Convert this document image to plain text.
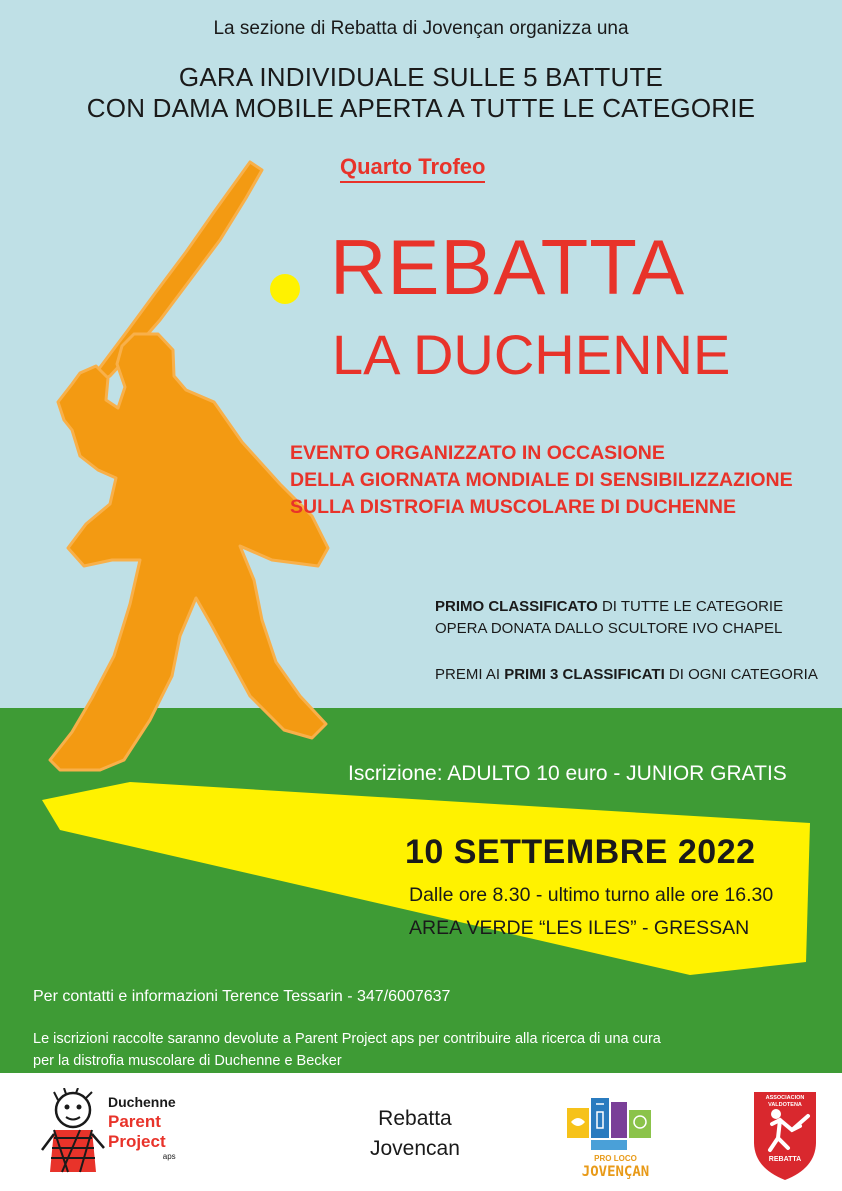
La sezione di Rebatta di Jovençan organizza una
GARA INDIVIDUALE SULLE 5 BATTUTE
CON DAMA MOBILE APERTA A TUTTE LE CATEGORIE
Quarto Trofeo
REBATTA
LA DUCHENNE
EVENTO ORGANIZZATO IN OCCASIONE
DELLA GIORNATA MONDIALE DI SENSIBILIZZAZIONE
SULLA DISTROFIA MUSCOLARE DI DUCHENNE
PRIMO CLASSIFICATO DI TUTTE LE CATEGORIE
OPERA DONATA DALLO SCULTORE IVO CHAPEL
PREMI AI PRIMI 3 CLASSIFICATI DI OGNI CATEGORIA
Iscrizione: ADULTO 10 euro - JUNIOR GRATIS
10 SETTEMBRE 2022
Dalle ore 8.30 - ultimo turno alle ore 16.30
AREA VERDE “LES ILES” - GRESSAN
Per contatti e informazioni Terence Tessarin - 347/6007637
Le iscrizioni raccolte saranno devolute a Parent Project aps per contribuire alla ricerca di una cura
per la distrofia muscolare di Duchenne e Becker
Duchenne
Parent
Project
aps
Rebatta
Jovencan	PRO LOCO
JOVENÇAN
ASSOCIACION VALDOTENA
REBATTA
